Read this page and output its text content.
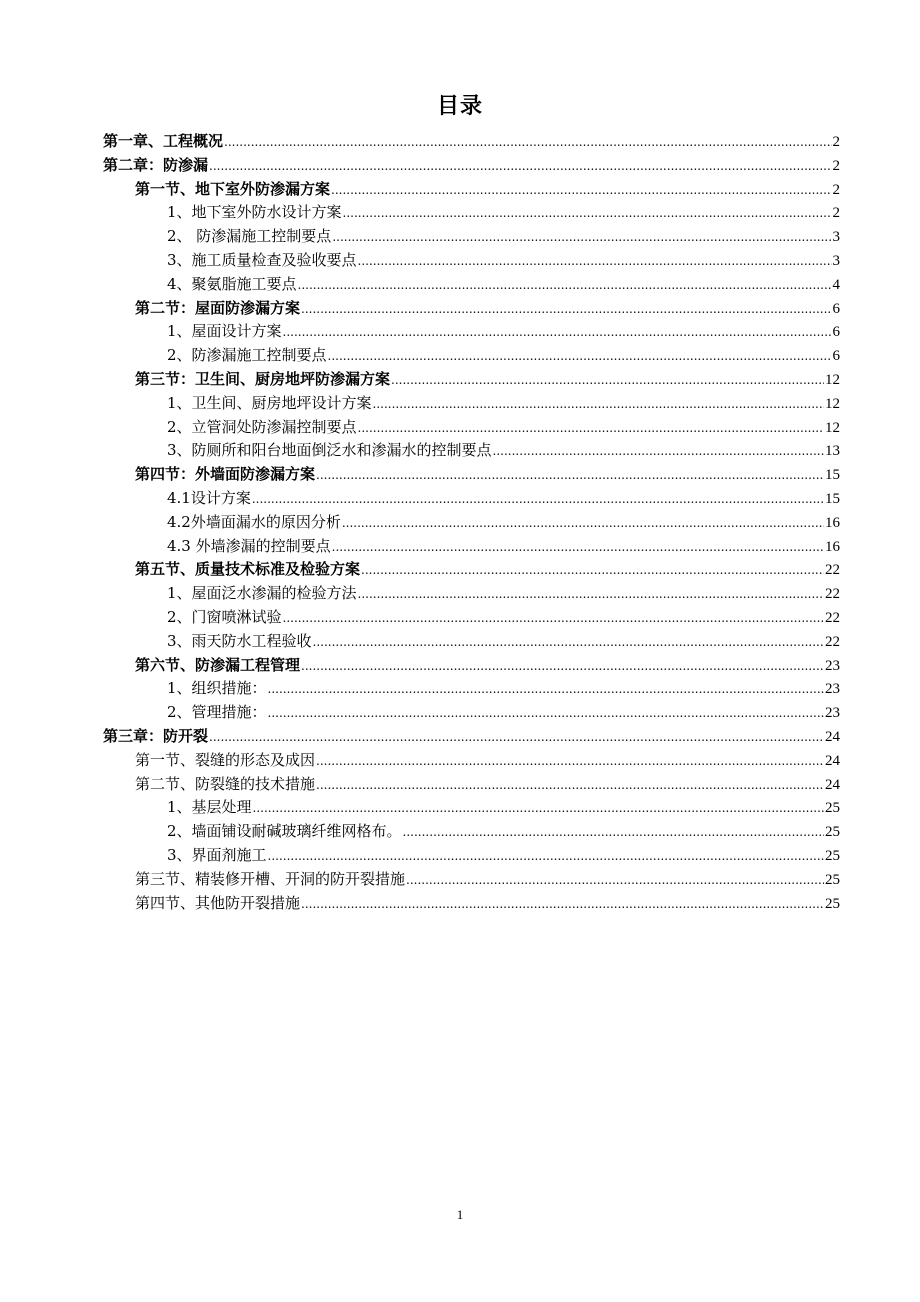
目录
第一章、工程概况 .....	2
第二章：防渗漏 .....	2
第一节、地下室外防渗漏方案 .....	2
1、地下室外防水设计方案 .....	2
2、 防渗漏施工控制要点 .....	3
3、施工质量检查及验收要点 .....	3
4、聚氨脂施工要点 .....	4
第二节：屋面防渗漏方案 .....	6
1、屋面设计方案 .....	6
2、防渗漏施工控制要点 .....	6
第三节：卫生间、厨房地坪防渗漏方案 .....	12
1、卫生间、厨房地坪设计方案 .....	12
2、立管洞处防渗漏控制要点 .....	12
3、防厕所和阳台地面倒泛水和渗漏水的控制要点 .....	13
第四节：外墙面防渗漏方案 .....	15
4.1设计方案 .....	15
4.2外墙面漏水的原因分析 .....	16
4.3 外墙渗漏的控制要点 .....	16
第五节、质量技术标准及检验方案 .....	22
1、屋面泛水渗漏的检验方法 .....	22
2、门窗喷淋试验 .....	22
3、雨天防水工程验收 .....	22
第六节、防渗漏工程管理 .....	23
1、组织措施： .....	23
2、管理措施： .....	23
第三章：防开裂 .....	24
第一节、裂缝的形态及成因 .....	24
第二节、防裂缝的技术措施 .....	24
1、基层处理 .....	25
2、墙面铺设耐碱玻璃纤维网格布。 .....	25
3、界面剂施工 .....	25
第三节、精装修开槽、开洞的防开裂措施 .....	25
第四节、其他防开裂措施 .....	25
1
